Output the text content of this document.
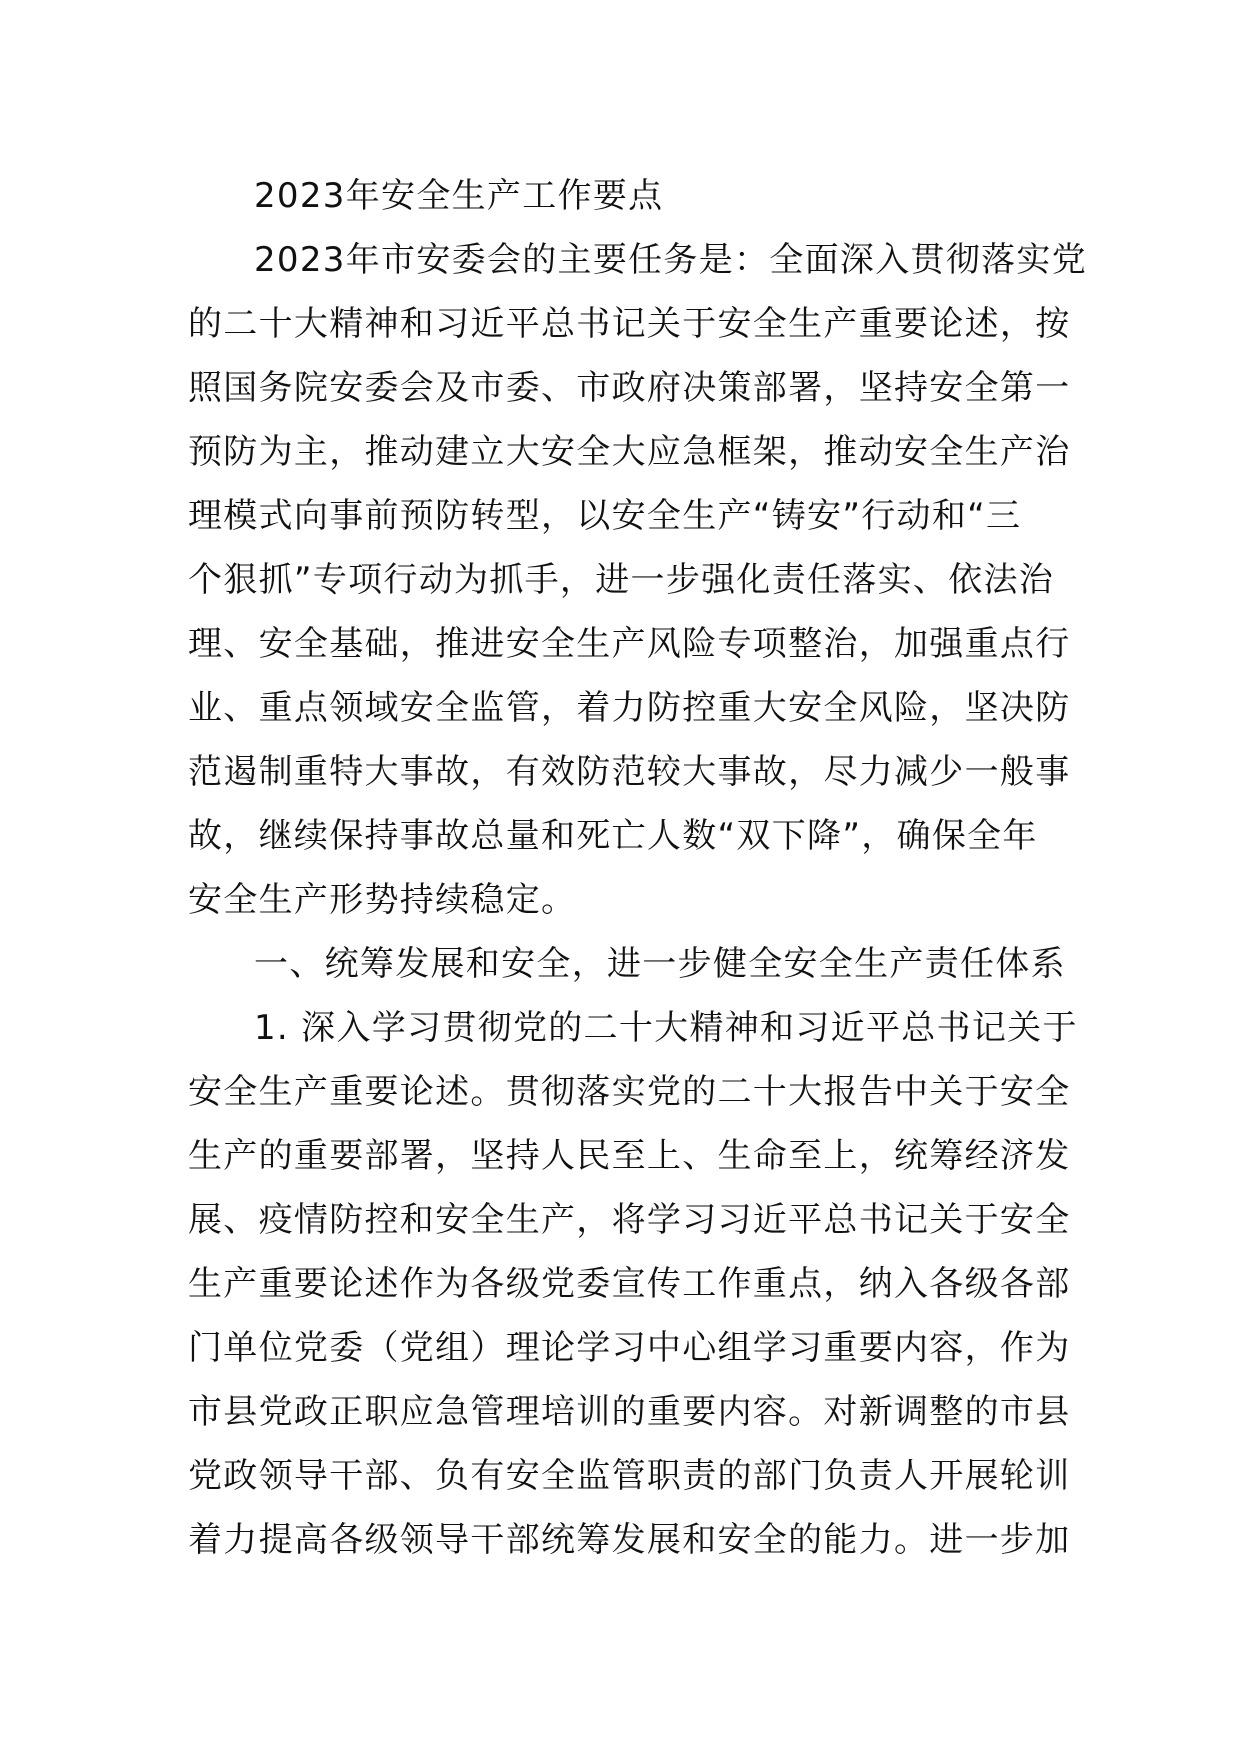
2023年安全生产工作要点
2023年市安委会的主要任务是：全面深入贯彻落实党
的二十大精神和习近平总书记关于安全生产重要论述，按
照国务院安委会及市委、市政府决策部署，坚持安全第一
预防为主，推动建立大安全大应急框架，推动安全生产治
理模式向事前预防转型，以安全生产“铸安”行动和“三
个狠抓”专项行动为抓手，进一步强化责任落实、依法治
理、安全基础，推进安全生产风险专项整治，加强重点行
业、重点领域安全监管，着力防控重大安全风险，坚决防
范遏制重特大事故，有效防范较大事故，尽力减少一般事
故，继续保持事故总量和死亡人数“双下降”，确保全年
安全生产形势持续稳定。
一、统筹发展和安全，进一步健全安全生产责任体系
1. 深入学习贯彻党的二十大精神和习近平总书记关于
安全生产重要论述。贯彻落实党的二十大报告中关于安全
生产的重要部署，坚持人民至上、生命至上，统筹经济发
展、疫情防控和安全生产，将学习习近平总书记关于安全
生产重要论述作为各级党委宣传工作重点，纳入各级各部
门单位党委（党组）理论学习中心组学习重要内容，作为
市县党政正职应急管理培训的重要内容。对新调整的市县
党政领导干部、负有安全监管职责的部门负责人开展轮训
着力提高各级领导干部统筹发展和安全的能力。进一步加
